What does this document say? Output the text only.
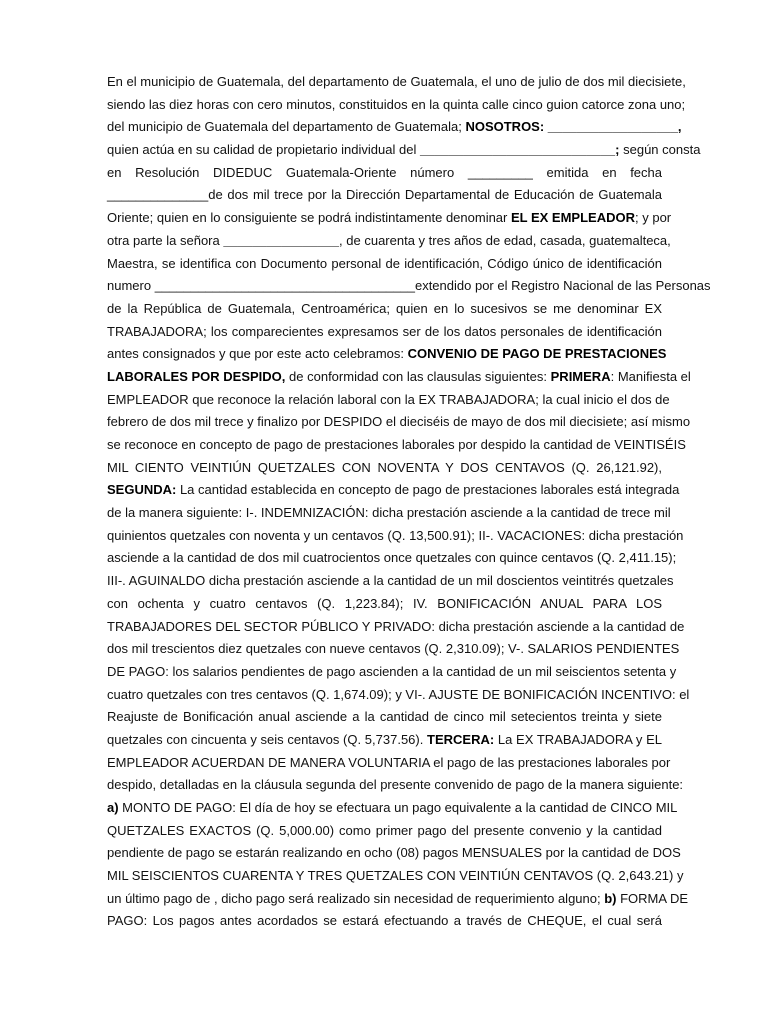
En el municipio de Guatemala, del departamento de Guatemala, el uno de julio de dos mil diecisiete,
siendo las diez horas con cero minutos, constituidos en la quinta calle cinco guion catorce zona uno;
del municipio de Guatemala del departamento de Guatemala; NOSOTROS: __________________,
quien actúa en su calidad de propietario individual del ___________________________; según consta
en Resolución DIDEDUC Guatemala-Oriente número _________ emitida en fecha
______________de dos mil trece por la Dirección Departamental de Educación de Guatemala
Oriente; quien en lo consiguiente se podrá indistintamente denominar EL EX EMPLEADOR; y por
otra parte la señora ________________, de cuarenta y tres años de edad, casada, guatemalteca,
Maestra, se identifica con Documento personal de identificación, Código único de identificación
numero ____________________________________extendido por el Registro Nacional de las Personas
de la República de Guatemala, Centroamérica; quien en lo sucesivos se me denominar EX
TRABAJADORA; los comparecientes expresamos ser de los datos personales de identificación
antes consignados y que por este acto celebramos: CONVENIO DE PAGO DE PRESTACIONES
LABORALES POR DESPIDO, de conformidad con las clausulas siguientes: PRIMERA: Manifiesta el
EMPLEADOR que reconoce la relación laboral con la EX TRABAJADORA; la cual inicio el dos de
febrero de dos mil trece y finalizo por DESPIDO el dieciséis de mayo de dos mil diecisiete; así mismo
se reconoce en concepto de pago de prestaciones laborales por despido la cantidad de VEINTISÉIS
MIL CIENTO VEINTIÚN QUETZALES CON NOVENTA Y DOS CENTAVOS (Q. 26,121.92),
SEGUNDA: La cantidad establecida en concepto de pago de prestaciones laborales está integrada
de la manera siguiente: I-. INDEMNIZACIÓN: dicha prestación asciende a la cantidad de trece mil
quinientos quetzales con noventa y un centavos (Q. 13,500.91); II-. VACACIONES: dicha prestación
asciende a la cantidad de dos mil cuatrocientos once quetzales con quince centavos (Q. 2,411.15);
III-. AGUINALDO dicha prestación asciende a la cantidad de un mil doscientos veintitrés quetzales
con ochenta y cuatro centavos (Q. 1,223.84); IV. BONIFICACIÓN ANUAL PARA LOS
TRABAJADORES DEL SECTOR PÚBLICO Y PRIVADO: dicha prestación asciende a la cantidad de
dos mil trescientos diez quetzales con nueve centavos (Q. 2,310.09); V-. SALARIOS PENDIENTES
DE PAGO: los salarios pendientes de pago ascienden a la cantidad de un mil seiscientos setenta y
cuatro quetzales con tres centavos (Q. 1,674.09); y VI-. AJUSTE DE BONIFICACIÓN INCENTIVO: el
Reajuste de Bonificación anual asciende a la cantidad de cinco mil setecientos treinta y siete
quetzales con cincuenta y seis centavos (Q. 5,737.56). TERCERA: La EX TRABAJADORA y EL
EMPLEADOR ACUERDAN DE MANERA VOLUNTARIA el pago de las prestaciones laborales por
despido, detalladas en la cláusula segunda del presente convenido de pago de la manera siguiente:
a) MONTO DE PAGO: El día de hoy se efectuara un pago equivalente a la cantidad de CINCO MIL
QUETZALES EXACTOS (Q. 5,000.00) como primer pago del presente convenio y la cantidad
pendiente de pago se estarán realizando en ocho (08) pagos MENSUALES por la cantidad de DOS
MIL SEISCIENTOS CUARENTA Y TRES QUETZALES CON VEINTIÚN CENTAVOS (Q. 2,643.21) y
un último pago de , dicho pago será realizado sin necesidad de requerimiento alguno; b) FORMA DE
PAGO: Los pagos antes acordados se estará efectuando a través de CHEQUE, el cual será
